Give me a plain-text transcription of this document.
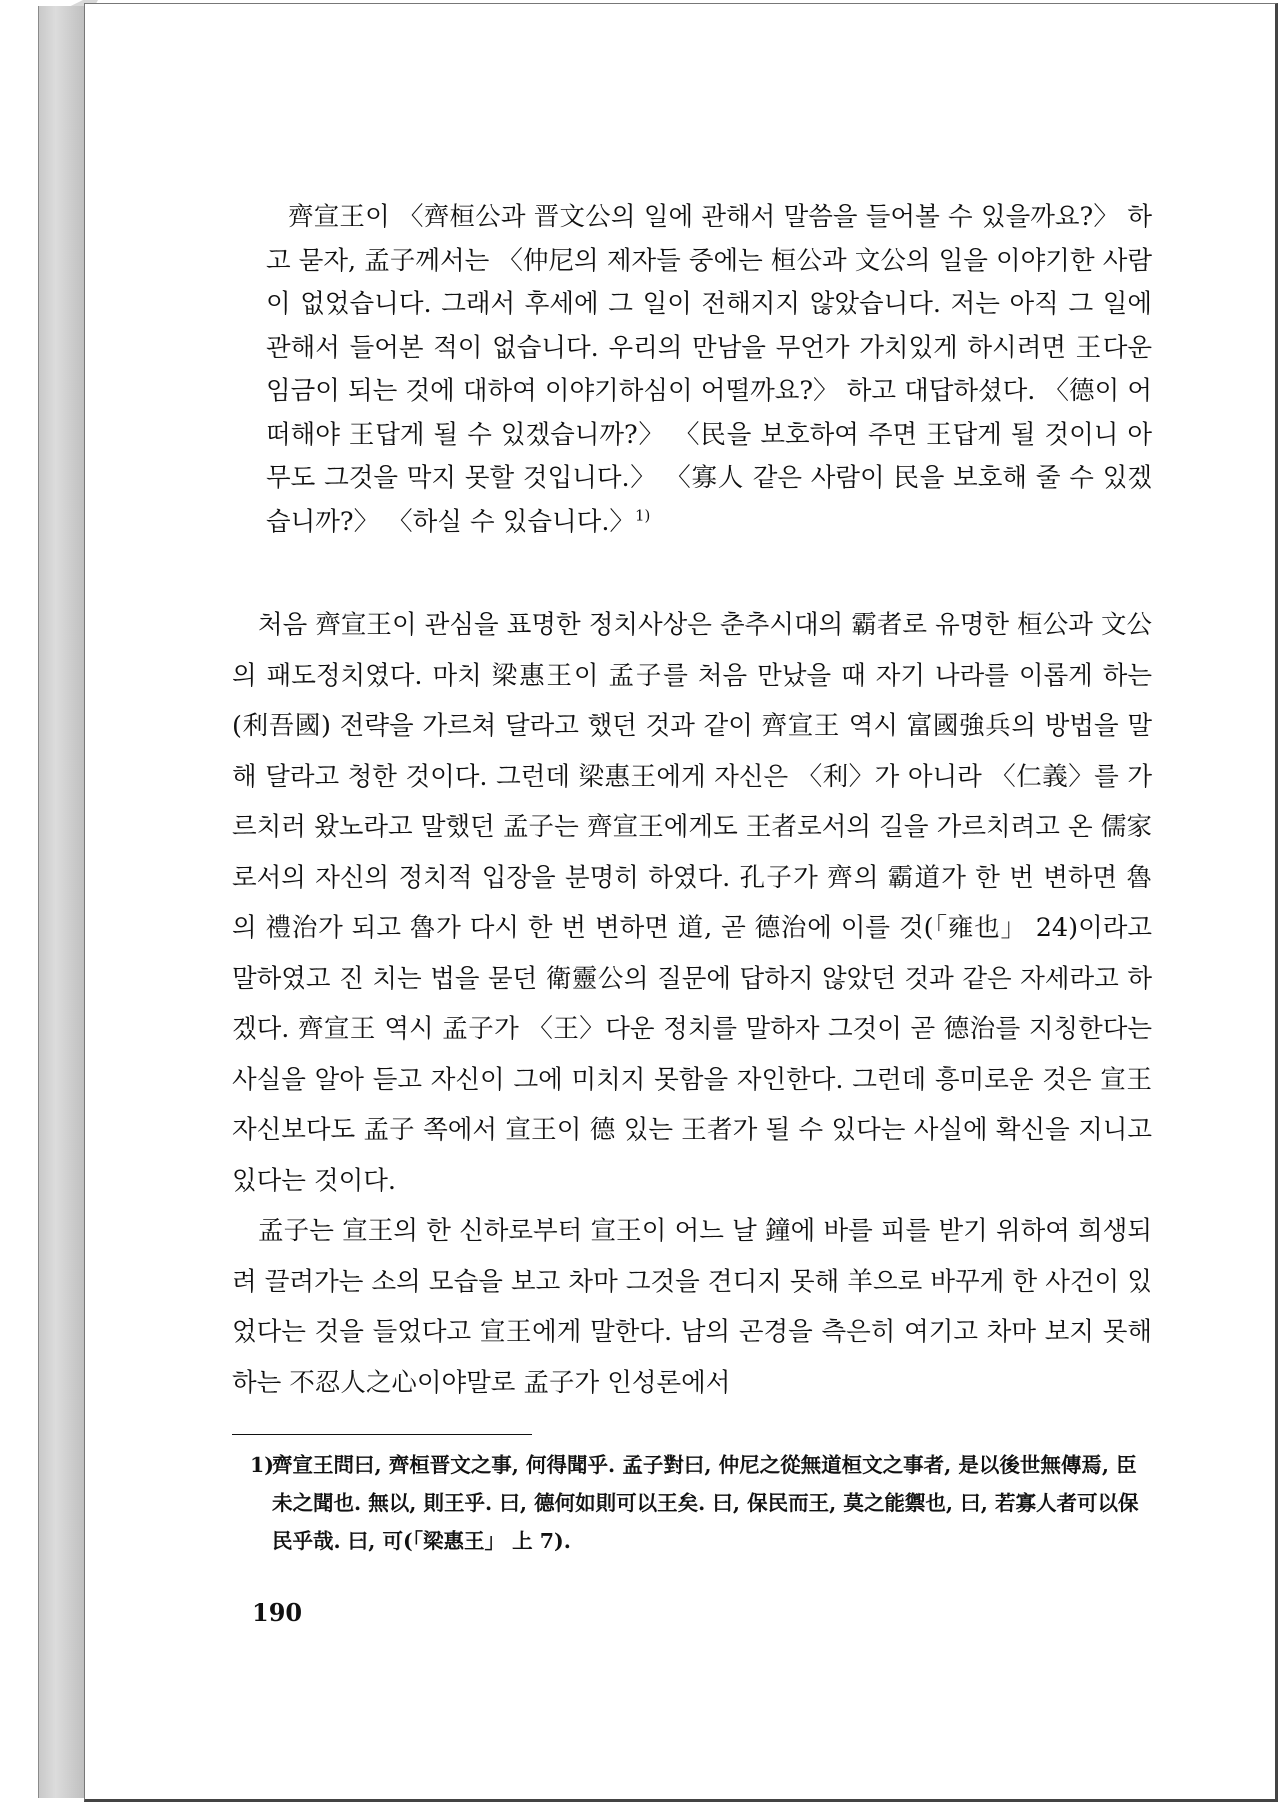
齊宣王이 〈齊桓公과 晋文公의 일에 관해서 말씀을 들어볼 수 있을까요?〉 하고 묻자, 孟子께서는 〈仲尼의 제자들 중에는 桓公과 文公의 일을 이야기한 사람이 없었습니다. 그래서 후세에 그 일이 전해지지 않았습니다. 저는 아직 그 일에 관해서 들어본 적이 없습니다. 우리의 만남을 무언가 가치있게 하시려면 王다운 임금이 되는 것에 대하여 이야기하심이 어떨까요?〉 하고 대답하셨다. 〈德이 어떠해야 王답게 될 수 있겠습니까?〉 〈民을 보호하여 주면 王답게 될 것이니 아무도 그것을 막지 못할 것입니다.〉 〈寡人 같은 사람이 民을 보호해 줄 수 있겠습니까?〉 〈하실 수 있습니다.〉$^{1)}$

처음 齊宣王이 관심을 표명한 정치사상은 춘추시대의 霸者로 유명한 桓公과 文公의 패도정치였다. 마치 梁惠王이 孟子를 처음 만났을 때 자기 나라를 이롭게 하는(利吾國) 전략을 가르쳐 달라고 했던 것과 같이 齊宣王 역시 富國強兵의 방법을 말해 달라고 청한 것이다. 그런데 梁惠王에게 자신은 〈利〉가 아니라 〈仁義〉를 가르치러 왔노라고 말했던 孟子는 齊宣王에게도 王者로서의 길을 가르치려고 온 儒家로서의 자신의 정치적 입장을 분명히 하였다. 孔子가 齊의 霸道가 한 번 변하면 魯의 禮治가 되고 魯가 다시 한 번 변하면 道, 곧 德治에 이를 것(「雍也」 24)이라고 말하였고 진 치는 법을 묻던 衛靈公의 질문에 답하지 않았던 것과 같은 자세라고 하겠다. 齊宣王 역시 孟子가 〈王〉다운 정치를 말하자 그것이 곧 德治를 지칭한다는 사실을 알아 듣고 자신이 그에 미치지 못함을 자인한다. 그런데 흥미로운 것은 宣王 자신보다도 孟子 쪽에서 宣王이 德 있는 王者가 될 수 있다는 사실에 확신을 지니고 있다는 것이다.

孟子는 宣王의 한 신하로부터 宣王이 어느 날 鐘에 바를 피를 받기 위하여 희생되려 끌려가는 소의 모습을 보고 차마 그것을 견디지 못해 羊으로 바꾸게 한 사건이 있었다는 것을 들었다고 宣王에게 말한다. 남의 곤경을 측은히 여기고 차마 보지 못해 하는 不忍人之心이야말로 孟子가 인성론에서

1)
齊宣王問曰, 齊桓晋文之事, 何得聞乎. 孟子對曰, 仲尼之從無道桓文之事者, 是以後世無傳焉, 臣未之聞也. 無以, 則王乎. 曰, 德何如則可以王矣. 曰, 保民而王, 莫之能禦也, 曰, 若寡人者可以保民乎哉. 曰, 可(「梁惠王」 上 7).
190
